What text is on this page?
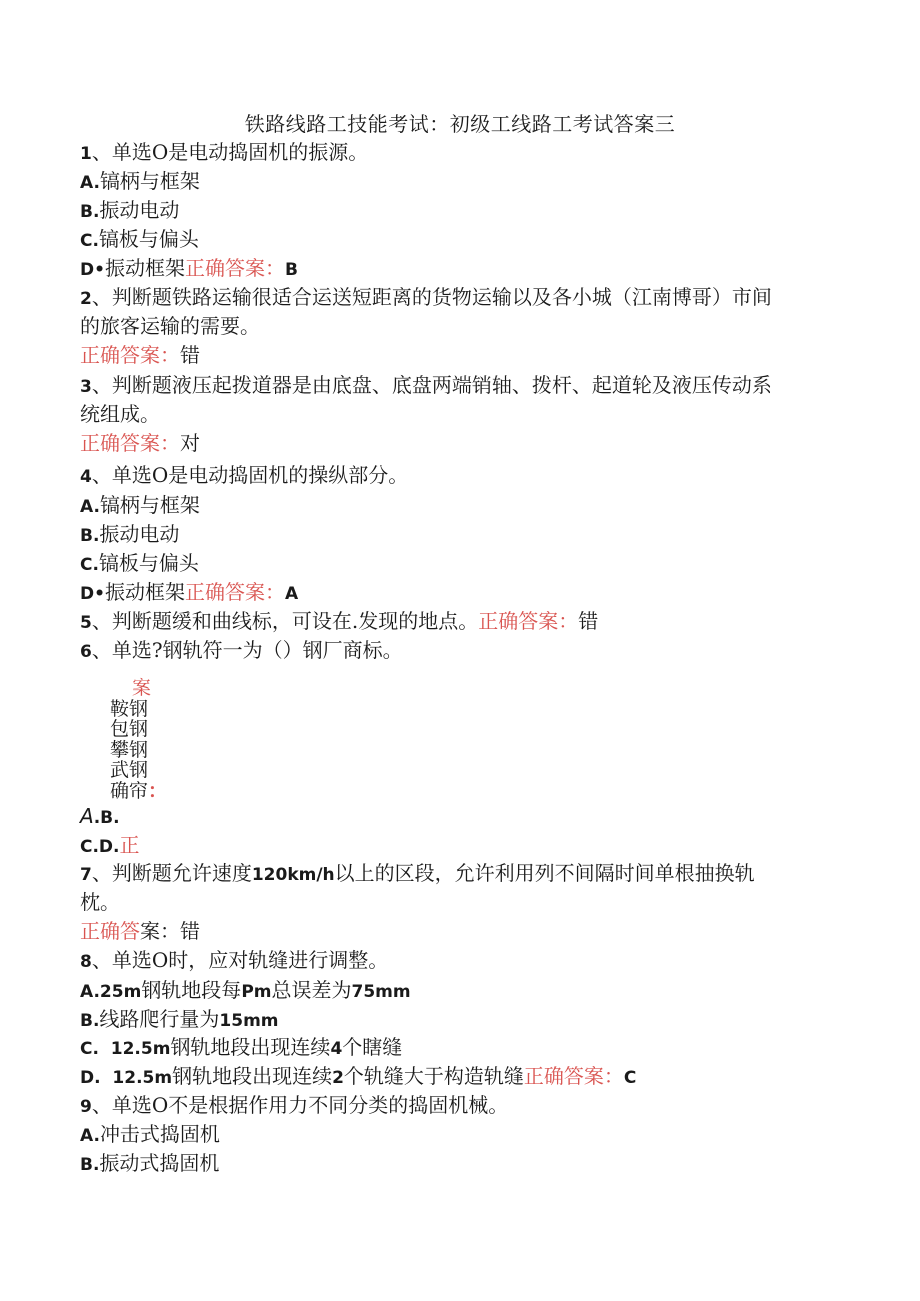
铁路线路工技能考试：初级工线路工考试答案三
1、单选O是电动捣固机的振源。
A.镐柄与框架
B.振动电动
C.镐板与偏头
D•振动框架正确答案：B
2、判断题铁路运输很适合运送短距离的货物运输以及各小城（江南博哥）市间
的旅客运输的需要。
正确答案：错
3、判断题液压起拨道器是由底盘、底盘两端销轴、拨杆、起道轮及液压传动系
统组成。
正确答案：对
4、单选O是电动捣固机的操纵部分。
A.镐柄与框架
B.振动电动
C.镐板与偏头
D•振动框架正确答案：A
5、判断题缓和曲线标，可设在.发现的地点。正确答案：错
6、单选?钢轨符一为（）钢厂商标。
案
鞍钢
包钢
攀钢
武钢
确帘：
A.B.
C.D.正
7、判断题允许速度120km/h以上的区段，允许利用列不间隔时间单根抽换轨
枕。
正确答案：错
8、单选O时，应对轨缝进行调整。
A.25m钢轨地段每Pm总误差为75mm
B.线路爬行量为15mm
C.  12.5m钢轨地段出现连续4个瞎缝
D.  12.5m钢轨地段出现连续2个轨缝大于构造轨缝正确答案：C
9、单选O不是根据作用力不同分类的捣固机械。
A.冲击式捣固机
B.振动式捣固机
